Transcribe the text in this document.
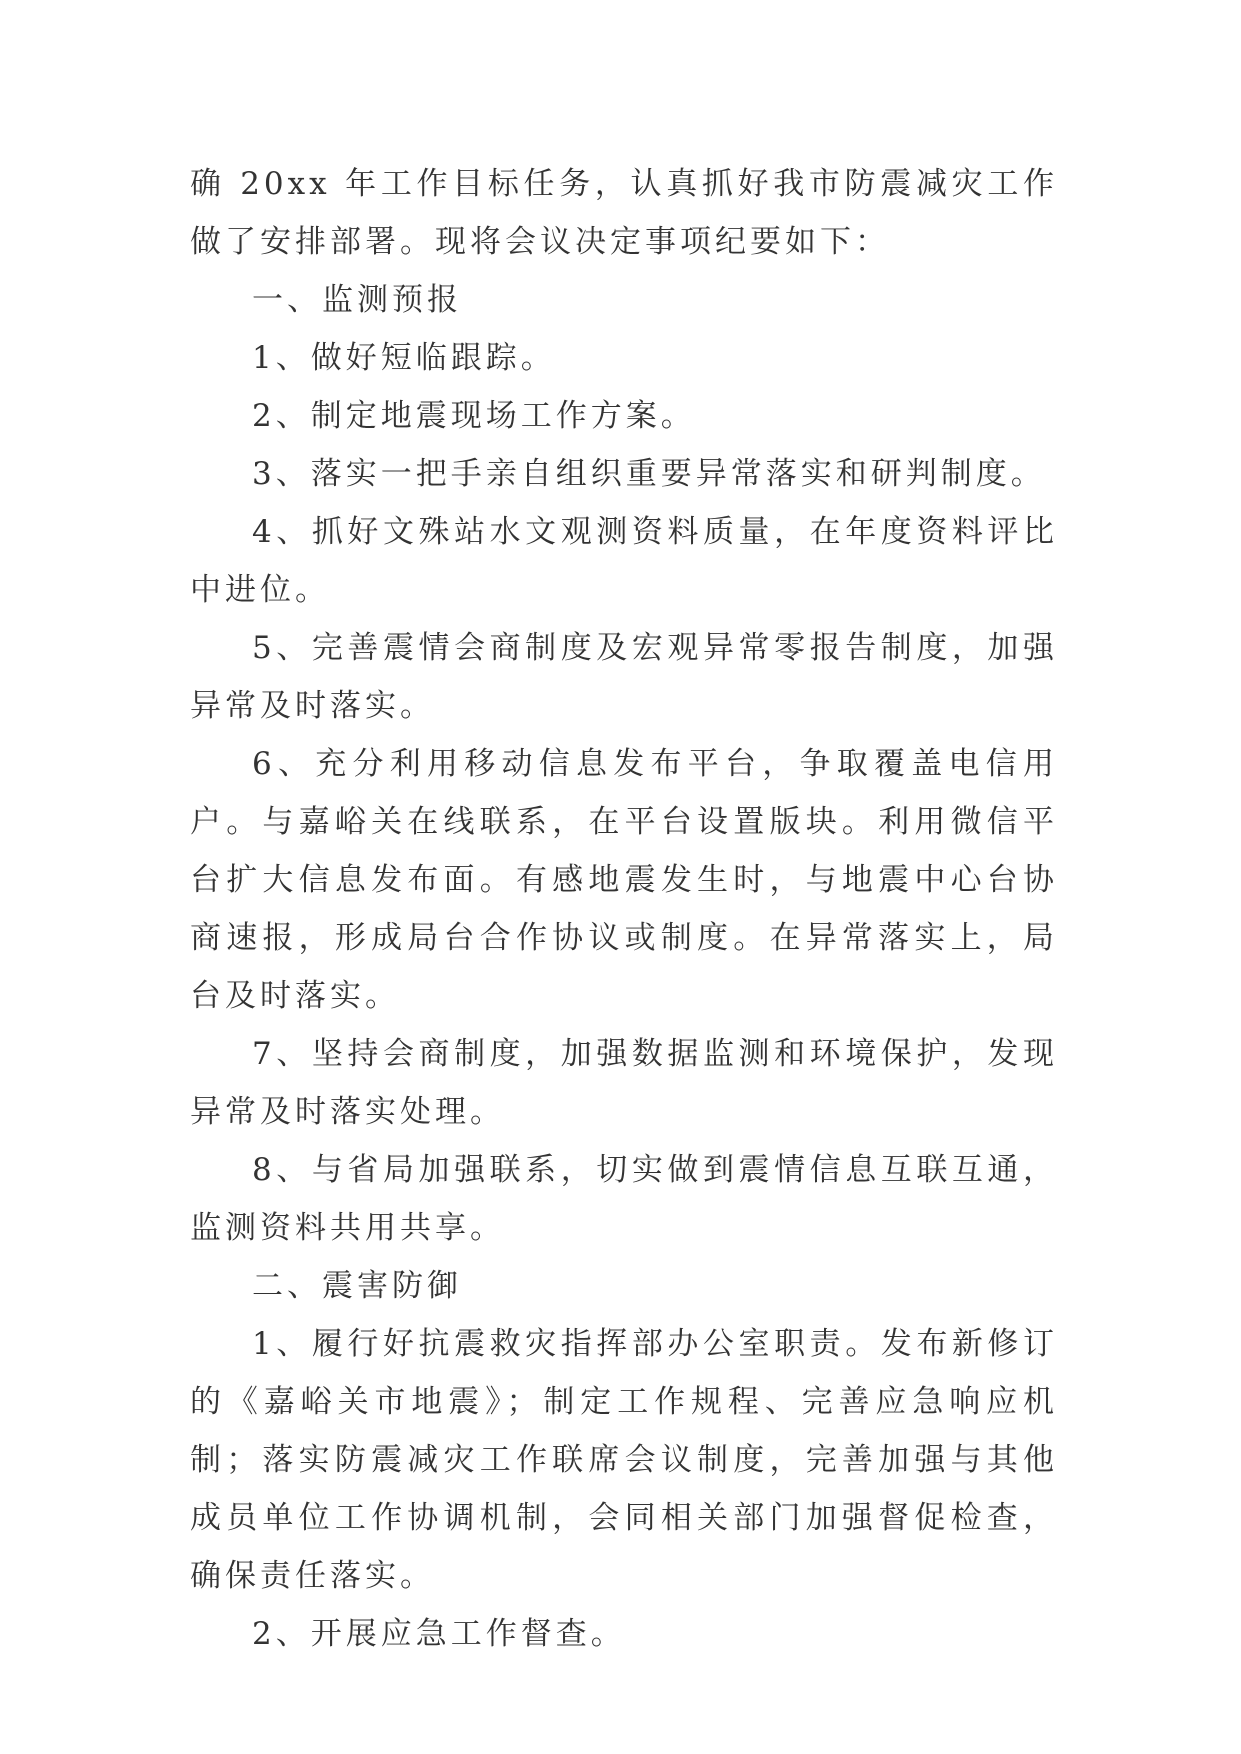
确 20xx 年工作目标任务，认真抓好我市防震减灾工作做了安排部署。现将会议决定事项纪要如下：

一、监测预报

1、做好短临跟踪。

2、制定地震现场工作方案。

3、落实一把手亲自组织重要异常落实和研判制度。

4、抓好文殊站水文观测资料质量，在年度资料评比中进位。

5、完善震情会商制度及宏观异常零报告制度，加强异常及时落实。

6、充分利用移动信息发布平台，争取覆盖电信用户。与嘉峪关在线联系，在平台设置版块。利用微信平台扩大信息发布面。有感地震发生时，与地震中心台协商速报，形成局台合作协议或制度。在异常落实上，局台及时落实。

7、坚持会商制度，加强数据监测和环境保护，发现异常及时落实处理。

8、与省局加强联系，切实做到震情信息互联互通，监测资料共用共享。

二、震害防御

1、履行好抗震救灾指挥部办公室职责。发布新修订的《嘉峪关市地震》；制定工作规程、完善应急响应机制；落实防震减灾工作联席会议制度，完善加强与其他成员单位工作协调机制，会同相关部门加强督促检查，确保责任落实。

2、开展应急工作督查。
